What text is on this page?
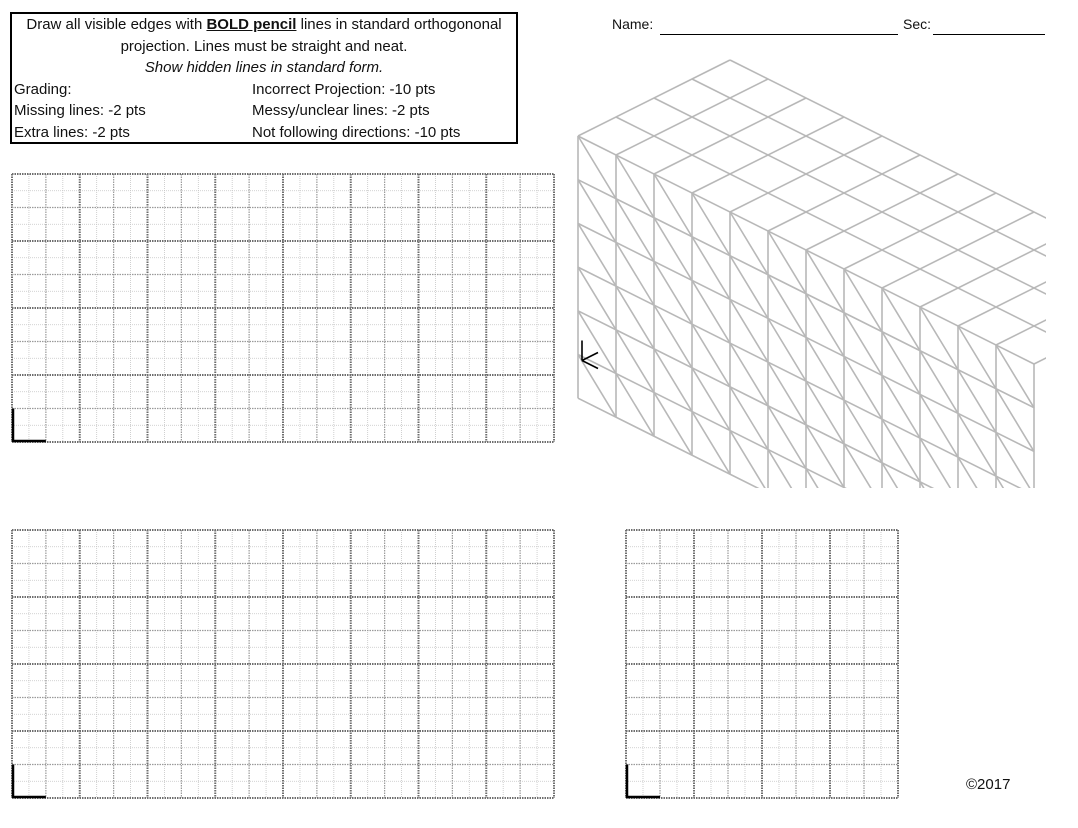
Draw all visible edges with BOLD pencil lines in standard orthogononal
projection. Lines must be straight and neat.
Show hidden lines in standard form.
Grading:	Incorrect Projection: -10 pts
Missing lines: -2 pts	Messy/unclear lines: -2 pts
Extra lines: -2 pts	Not following directions: -10 pts
Name:	Sec:
©2017
